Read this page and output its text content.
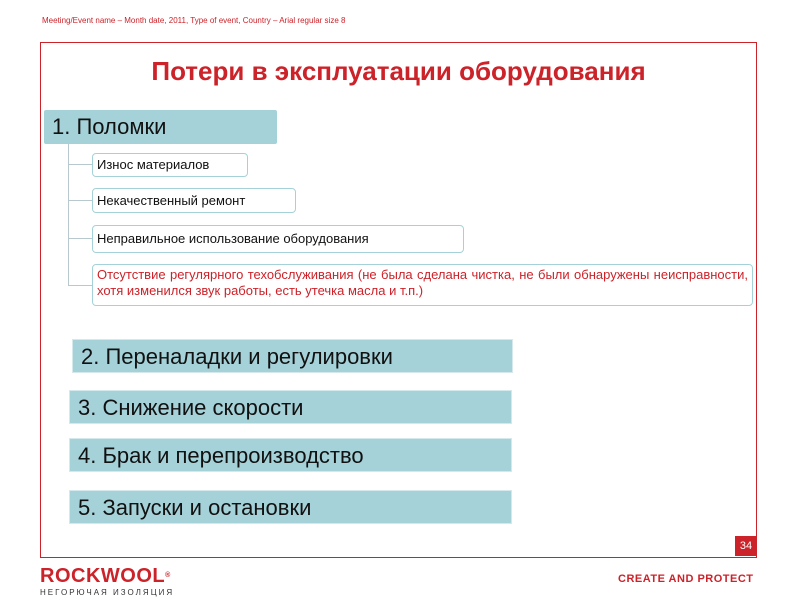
Meeting/Event name – Month date, 2011, Type of event, Country – Arial regular size 8
Потери в эксплуатации оборудования
1. Поломки
Износ материалов
Некачественный ремонт
Неправильное использование оборудования
Отсутствие регулярного техобслуживания (не была сделана чистка, не были обнаружены неисправности, хотя изменился звук работы, есть утечка масла и т.п.)
2. Переналадки и регулировки
3. Снижение скорости
4. Брак и перепроизводство
5. Запуски и остановки
34
ROCKWOOL®
НЕГОРЮЧАЯ ИЗОЛЯЦИЯ
CREATE AND PROTECT
